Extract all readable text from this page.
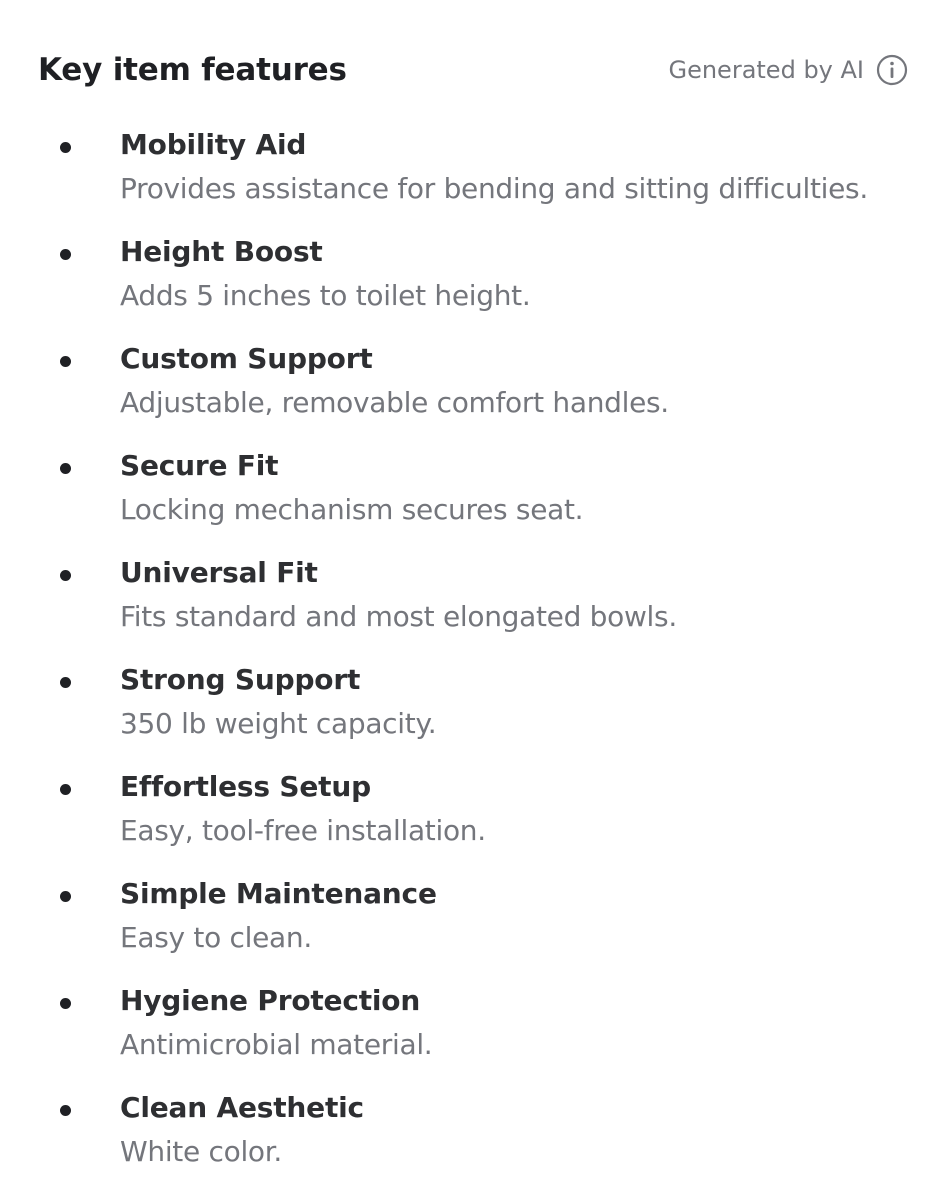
Key item features	Generated by AI
Mobility Aid
Provides assistance for bending and sitting difficulties.
Height Boost
Adds 5 inches to toilet height.
Custom Support
Adjustable, removable comfort handles.
Secure Fit
Locking mechanism secures seat.
Universal Fit
Fits standard and most elongated bowls.
Strong Support
350 lb weight capacity.
Effortless Setup
Easy, tool-free installation.
Simple Maintenance
Easy to clean.
Hygiene Protection
Antimicrobial material.
Clean Aesthetic
White color.
